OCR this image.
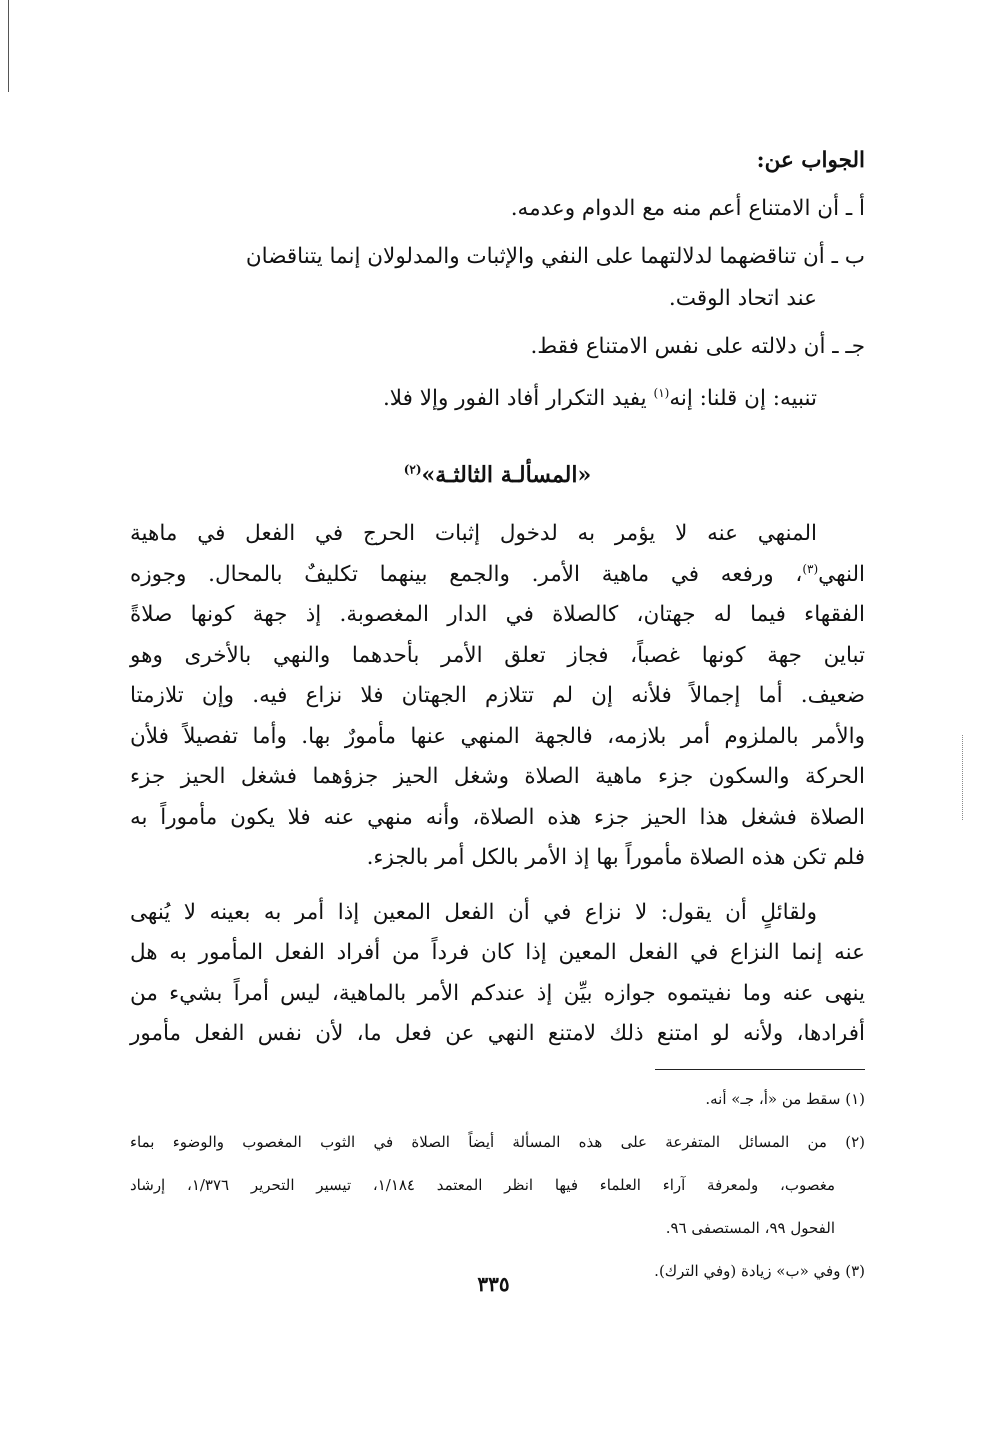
الجواب عن:

أ ـ أن الامتناع أعم منه مع الدوام وعدمه.

ب ـ أن تناقضهما لدلالتهما على النفي والإثبات والمدلولان إنما يتناقضان

عند اتحاد الوقت.

جـ ـ أن دلالته على نفس الامتناع فقط.

تنبيه: إن قلنا: إنه$^{(١)}$ يفيد التكرار أفاد الفور وإلا فلا.

«المسألـة الثالثـة»$^{(٢)}$

المنهي عنه لا يؤمر به لدخول إثبات الحرج في الفعل في ماهية

النهي$^{(٣)}$، ورفعه في ماهية الأمر. والجمع بينهما تكليفٌ بالمحال. وجوزه

الفقهاء فيما له جهتان، كالصلاة في الدار المغصوبة. إذ جهة كونها صلاةً

تباين جهة كونها غصباً، فجاز تعلق الأمر بأحدهما والنهي بالأخرى وهو

ضعيف. أما إجمالاً فلأنه إن لم تتلازم الجهتان فلا نزاع فيه. وإن تلازمتا

والأمر بالملزوم أمر بلازمه، فالجهة المنهي عنها مأمورٌ بها. وأما تفصيلاً فلأن

الحركة والسكون جزء ماهية الصلاة وشغل الحيز جزؤهما فشغل الحيز جزء

الصلاة فشغل هذا الحيز جزء هذه الصلاة، وأنه منهي عنه فلا يكون مأموراً به

فلم تكن هذه الصلاة مأموراً بها إذ الأمر بالكل أمر بالجزء.

ولقائلٍ أن يقول: لا نزاع في أن الفعل المعين إذا أمر به بعينه لا يُنهى

عنه إنما النزاع في الفعل المعين إذا كان فرداً من أفراد الفعل المأمور به هل

ينهى عنه وما نفيتموه جوازه بيِّن إذ عندكم الأمر بالماهية، ليس أمراً بشيء من

أفرادها، ولأنه لو امتنع ذلك لامتنع النهي عن فعل ما، لأن نفس الفعل مأمور

(١) سقط من «أ، جـ» أنه.

(٢) من المسائل المتفرعة على هذه المسألة أيضاً الصلاة في الثوب المغصوب والوضوء بماء

مغصوب، ولمعرفة آراء العلماء فيها انظر المعتمد ١/١٨٤، تيسير التحرير ١/٣٧٦، إرشاد

الفحول ٩٩، المستصفى ٩٦.

(٣) وفي «ب» زيادة (وفي الترك).

٣٣٥
